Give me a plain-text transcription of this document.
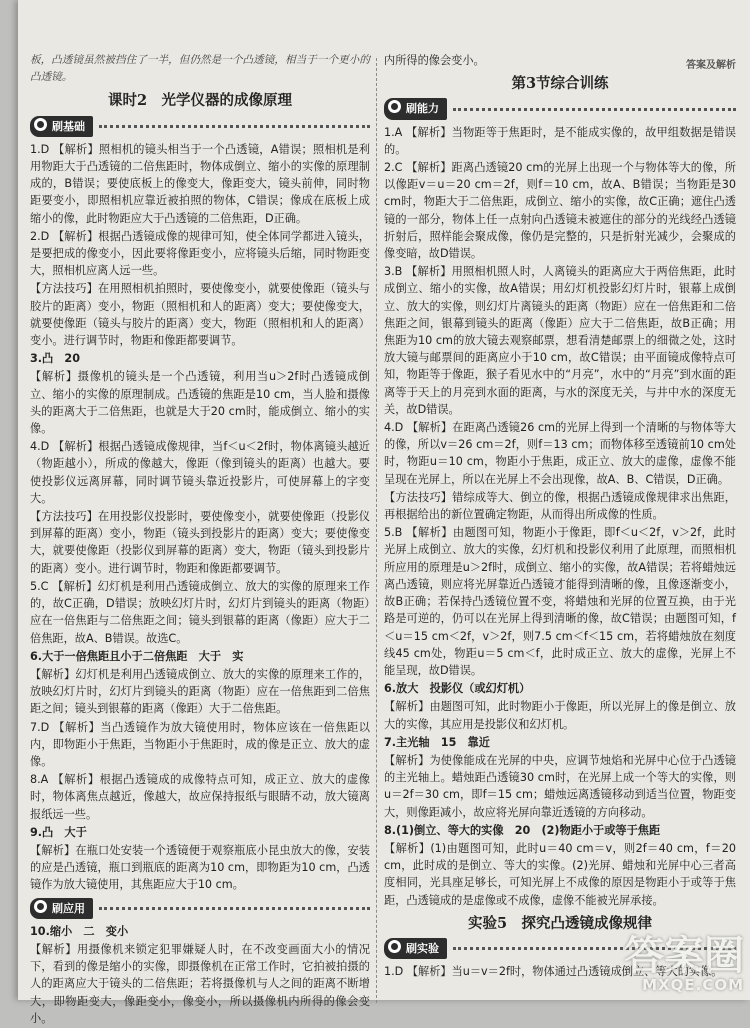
答案及解析

板，凸透镜虽然被挡住了一半，但仍然是一个凸透镜，相当于一个更小的凸透镜。

课时2　光学仪器的成像原理
刷基础

1.D 【解析】照相机的镜头相当于一个凸透镜，A错误；照相机是利用物距大于凸透镜的二倍焦距时，物体成倒立、缩小的实像的原理制成的，B错误；要使底板上的像变大，像距变大，镜头前伸，同时物距要变小，即照相机应靠近被拍照的物体，C错误；像成在底板上成缩小的像，此时物距应大于凸透镜的二倍焦距，D正确。

2.D 【解析】根据凸透镜成像的规律可知，使全体同学都进入镜头，是要把成的像变小，因此要将像距变小，应将镜头后缩，同时物距变大，照相机应离人远一些。

【方法技巧】在用照相机拍照时，要使像变小，就要使像距（镜头与胶片的距离）变小，物距（照相机和人的距离）变大；要使像变大，就要使像距（镜头与胶片的距离）变大，物距（照相机和人的距离）变小。进行调节时，物距和像距都要调节。

3.凸　20

【解析】摄像机的镜头是一个凸透镜，利用当u＞2f时凸透镜成倒立、缩小的实像的原理制成。凸透镜的焦距是10 cm，当人脸和摄像头的距离大于二倍焦距，也就是大于20 cm时，能成倒立、缩小的实像。

4.D 【解析】根据凸透镜成像规律，当f＜u＜2f时，物体离镜头越近（物距越小），所成的像越大，像距（像到镜头的距离）也越大。要使投影仪远离屏幕，同时调节镜头靠近投影片，可使屏幕上的字变大。

【方法技巧】在用投影仪投影时，要使像变小，就要使像距（投影仪到屏幕的距离）变小，物距（镜头到投影片的距离）变大；要使像变大，就要使像距（投影仪到屏幕的距离）变大，物距（镜头到投影片的距离）变小。进行调节时，物距和像距都要调节。

5.C 【解析】幻灯机是利用凸透镜成倒立、放大的实像的原理来工作的，故C正确，D错误；放映幻灯片时，幻灯片到镜头的距离（物距）应在一倍焦距与二倍焦距之间；镜头到银幕的距离（像距）应大于二倍焦距，故A、B错误。故选C。

6.大于一倍焦距且小于二倍焦距　大于　实

【解析】幻灯机是利用凸透镜成倒立、放大的实像的原理来工作的，放映幻灯片时，幻灯片到镜头的距离（物距）应在一倍焦距到二倍焦距之间；镜头到银幕的距离（像距）大于二倍焦距。

7.D 【解析】当凸透镜作为放大镜使用时，物体应该在一倍焦距以内，即物距小于焦距，当物距小于焦距时，成的像是正立、放大的虚像。

8.A 【解析】根据凸透镜成的成像特点可知，成正立、放大的虚像时，物体离焦点越近，像越大，故应保持报纸与眼睛不动，放大镜离报纸远一些。

9.凸　大于

【解析】在瓶口处安装一个透镜便于观察瓶底小昆虫放大的像，安装的应是凸透镜，瓶口到瓶底的距离为10 cm，即物距为10 cm，凸透镜作为放大镜使用，其焦距应大于10 cm。

刷应用

10.缩小　二　变小

【解析】用摄像机来锁定犯罪嫌疑人时，在不改变画面大小的情况下，看到的像是缩小的实像，即摄像机在正常工作时，它拍被拍摄的人的距离应大于镜头的二倍焦距；若将摄像机与人之间的距离不断增大，即物距变大，像距变小，像变小，所以摄像机内所得的像会变小。

内所得的像会变小。

第3节综合训练
刷能力

1.A 【解析】当物距等于焦距时，是不能成实像的，故甲组数据是错误的。

2.C 【解析】距离凸透镜20 cm的光屏上出现一个与物体等大的像，所以像距v＝u＝20 cm＝2f，则f＝10 cm，故A、B错误；当物距是30 cm时，物距大于二倍焦距，成倒立、缩小的实像，故C正确；遮住凸透镜的一部分，物体上任一点射向凸透镜未被遮住的部分的光线经凸透镜折射后，照样能会聚成像，像仍是完整的，只是折射光减少，会聚成的像变暗，故D错误。

3.B 【解析】用照相机照人时，人离镜头的距离应大于两倍焦距，此时成倒立、缩小的实像，故A错误；用幻灯机投影幻灯片时，银幕上成倒立、放大的实像，则幻灯片离镜头的距离（物距）应在一倍焦距和二倍焦距之间，银幕到镜头的距离（像距）应大于二倍焦距，故B正确；用焦距为10 cm的放大镜去观察邮票，想看清楚邮票上的细微之处，这时放大镜与邮票间的距离应小于10 cm，故C错误；由平面镜成像特点可知，物距等于像距，猴子看见水中的“月亮”，水中的“月亮”到水面的距离等于天上的月亮到水面的距离，与水的深度无关，与井中水的深度无关，故D错误。

4.D 【解析】在距离凸透镜26 cm的光屏上得到一个清晰的与物体等大的像，所以v＝26 cm＝2f，则f＝13 cm；而物体移至透镜前10 cm处时，物距u＝10 cm，物距小于焦距，成正立、放大的虚像，虚像不能呈现在光屏上，所以在光屏上不会出现像，故A、B、C错误，D正确。

【方法技巧】错综成等大、倒立的像，根据凸透镜成像规律求出焦距，再根据给出的新位置确定物距，从而得出所成像的性质。

5.B 【解析】由题图可知，物距小于像距，即f＜u＜2f，v＞2f，此时光屏上成倒立、放大的实像，幻灯机和投影仪利用了此原理，而照相机所应用的原理是u＞2f时，成倒立、缩小的实像，故A错误；若将蜡烛远离凸透镜，则应将光屏靠近凸透镜才能得到清晰的像，且像逐渐变小，故B正确；若保持凸透镜位置不变，将蜡烛和光屏的位置互换，由于光路是可逆的，仍可以在光屏上得到清晰的像，故C错误；由题图可知，f＜u＝15 cm＜2f，v＞2f，则7.5 cm＜f＜15 cm，若将蜡烛放在刻度线45 cm处，物距u＝5 cm＜f，此时成正立、放大的虚像，光屏上不能呈现，故D错误。

6.放大　投影仪（或幻灯机）

【解析】由题图可知，此时物距小于像距，所以光屏上的像是倒立、放大的实像，其应用是投影仪和幻灯机。

7.主光轴　15　靠近

【解析】为使像能成在光屏的中央，应调节烛焰和光屏中心位于凸透镜的主光轴上。蜡烛距凸透镜30 cm时，在光屏上成一个等大的实像，则u＝2f＝30 cm，即f＝15 cm；蜡烛远离透镜移动到适当位置，物距变大，则像距减小，故应将光屏向靠近透镜的方向移动。

8.(1)倒立、等大的实像　20　(2)物距小于或等于焦距

【解析】(1)由题图可知，此时u＝40 cm＝v，则2f＝40 cm，f＝20 cm，此时成的是倒立、等大的实像。(2)光屏、蜡烛和光屏中心三者高度相同，光具座足够长，可知光屏上不成像的原因是物距小于或等于焦距，凸透镜成的是虚像或不成像，虚像不能被光屏承接。

实验5　探究凸透镜成像规律
刷实验

1.D 【解析】当u＝v＝2f时，物体通过凸透镜成倒立、等大的实像。

答案圈
MXQE.COM
